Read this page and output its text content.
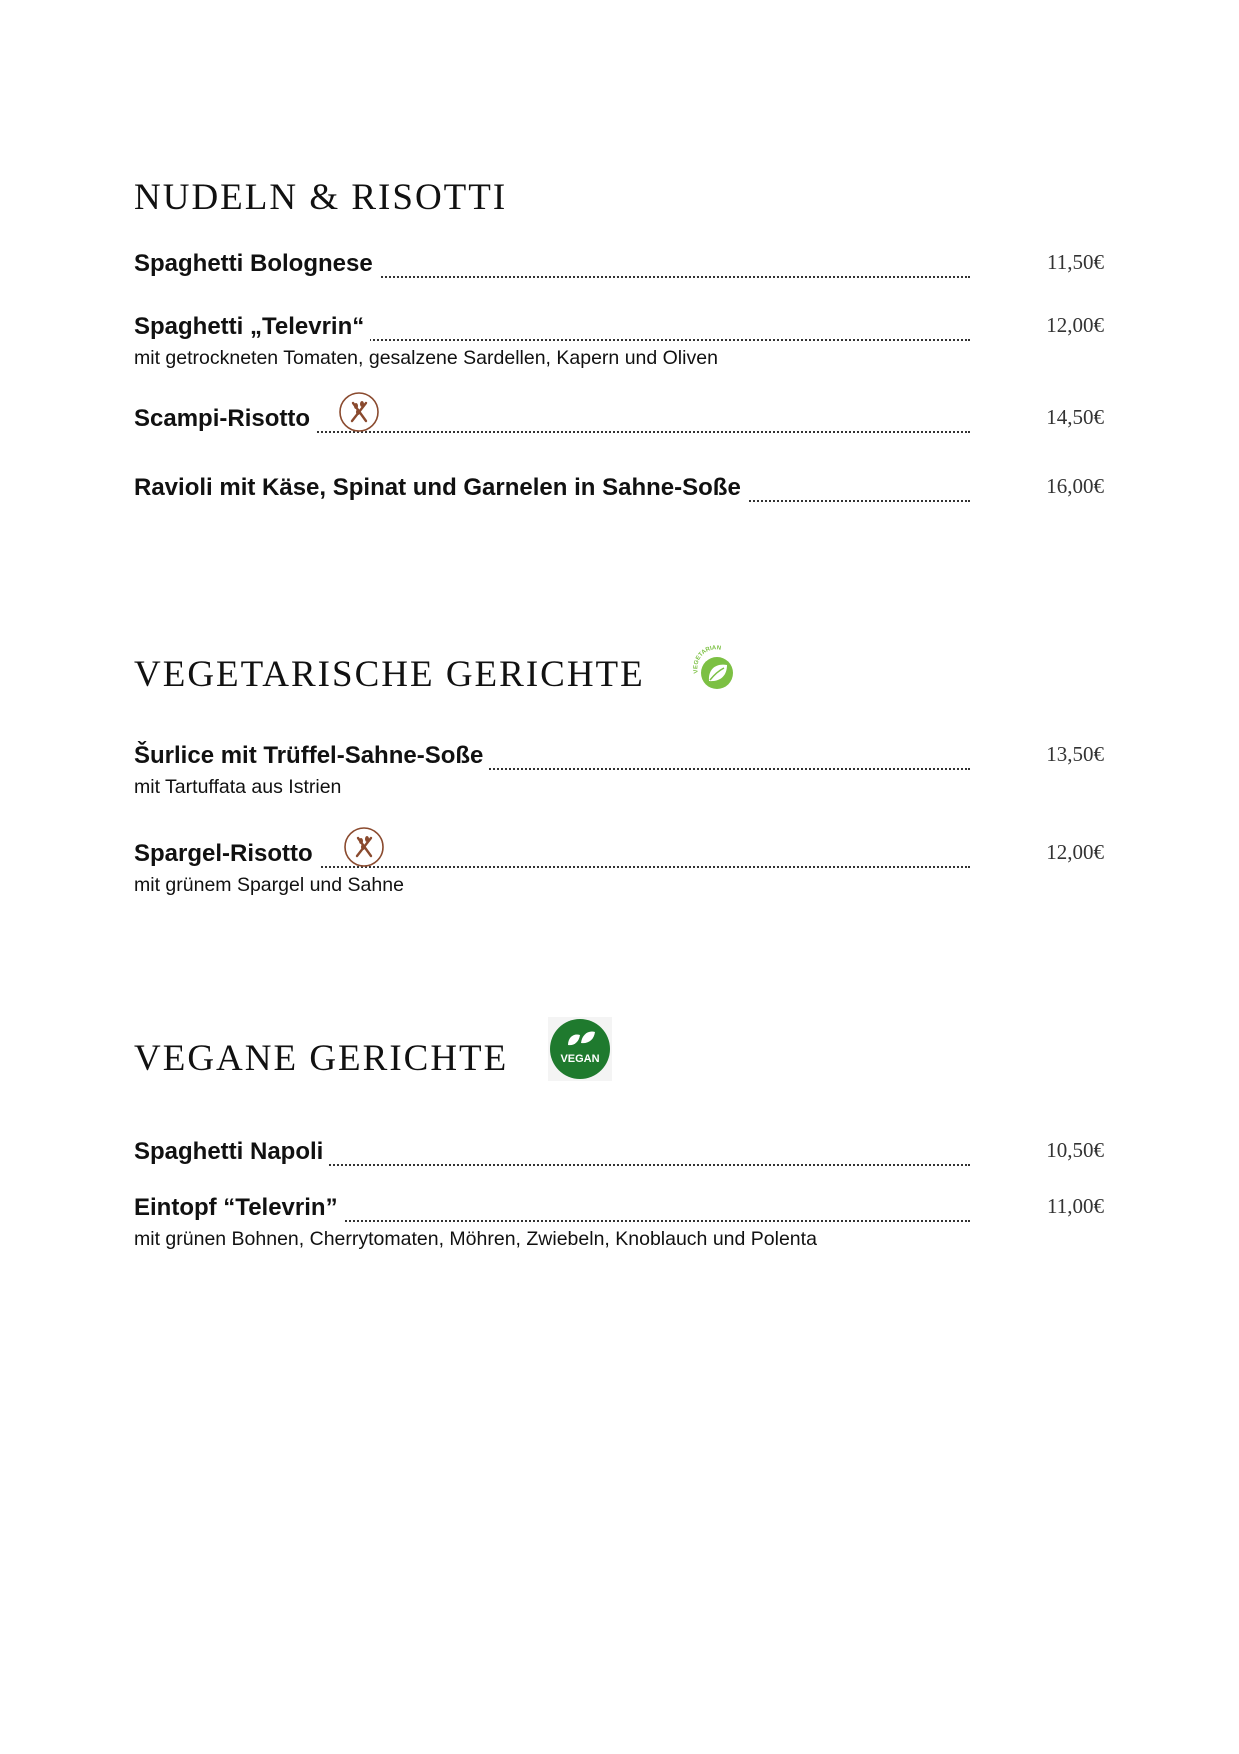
NUDELN & RISOTTI
Spaghetti Bolognese	11,50€
Spaghetti „Televrin“	12,00€
mit getrockneten Tomaten, gesalzene Sardellen, Kapern und Oliven
Scampi-Risotto	14,50€
Ravioli mit Käse, Spinat und Garnelen in Sahne-Soße	16,00€
VEGETARISCHE GERICHTE	VEGETARIAN
Šurlice mit Trüffel-Sahne-Soße	13,50€
mit Tartuffata aus Istrien
Spargel-Risotto	12,00€
mit grünem Spargel und Sahne
VEGANE GERICHTE	VEGAN
Spaghetti Napoli	10,50€
Eintopf “Televrin”	11,00€
mit grünen Bohnen, Cherrytomaten, Möhren, Zwiebeln, Knoblauch und Polenta
